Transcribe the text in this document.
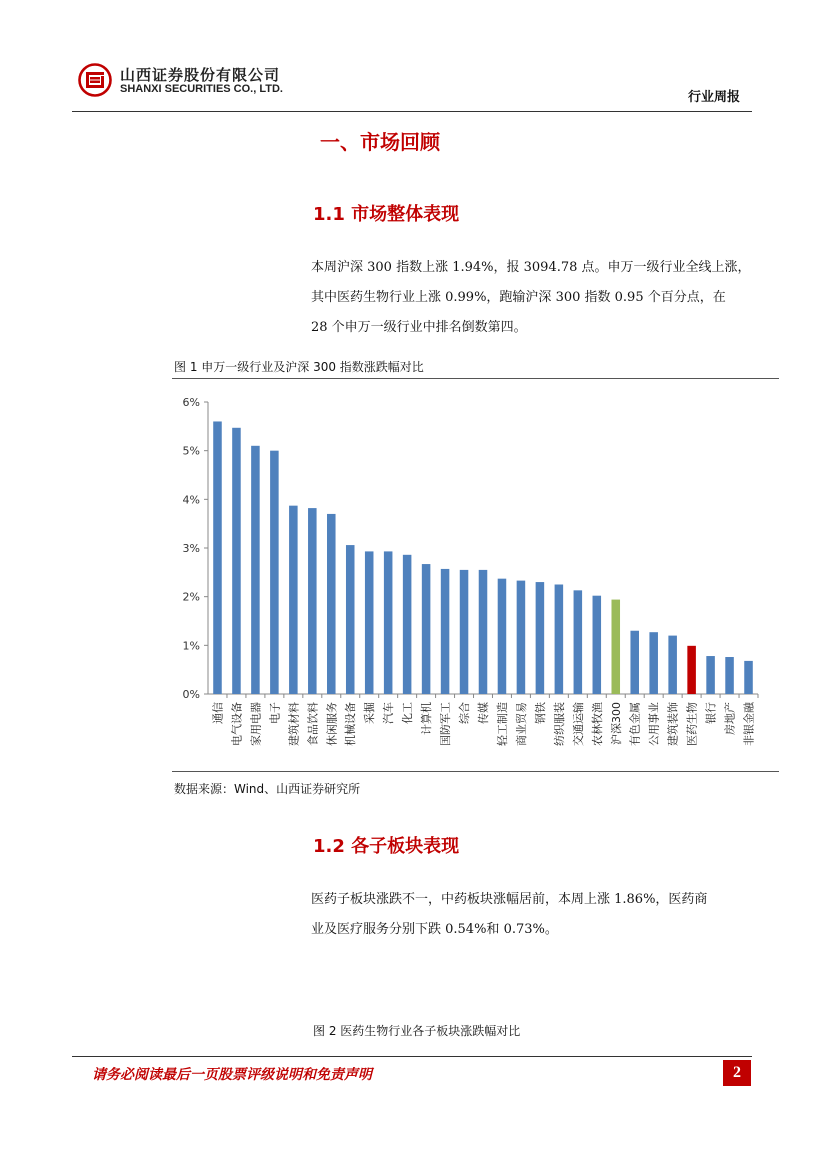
山西证券股份有限公司
SHANXI SECURITIES CO., LTD.
行业周报
一、市场回顾
1.1 市场整体表现

本周沪深 300 指数上涨 1.94%，报 3094.78 点。申万一级行业全线上涨，

其中医药生物行业上涨 0.99%，跑输沪深 300 指数 0.95 个百分点，在

28 个申万一级行业中排名倒数第四。

图 1 申万一级行业及沪深 300 指数涨跌幅对比
0%
1%
2%
3%
4%
5%
6%
通信 电气设备 家用电器 电子 建筑材料 食品饮料 休闲服务 机械设备 采掘 汽车 化工 计算机 国防军工 综合 传媒 轻工制造 商业贸易 钢铁 纺织服装 交通运输 农林牧渔 沪深300 有色金属 公用事业 建筑装饰 医药生物 银行 房地产 非银金融
数据来源：Wind、山西证券研究所
1.2 各子板块表现

医药子板块涨跌不一，中药板块涨幅居前，本周上涨 1.86%，医药商

业及医疗服务分别下跌 0.54%和 0.73%。

图 2 医药生物行业各子板块涨跌幅对比
请务必阅读最后一页股票评级说明和免责声明	2
